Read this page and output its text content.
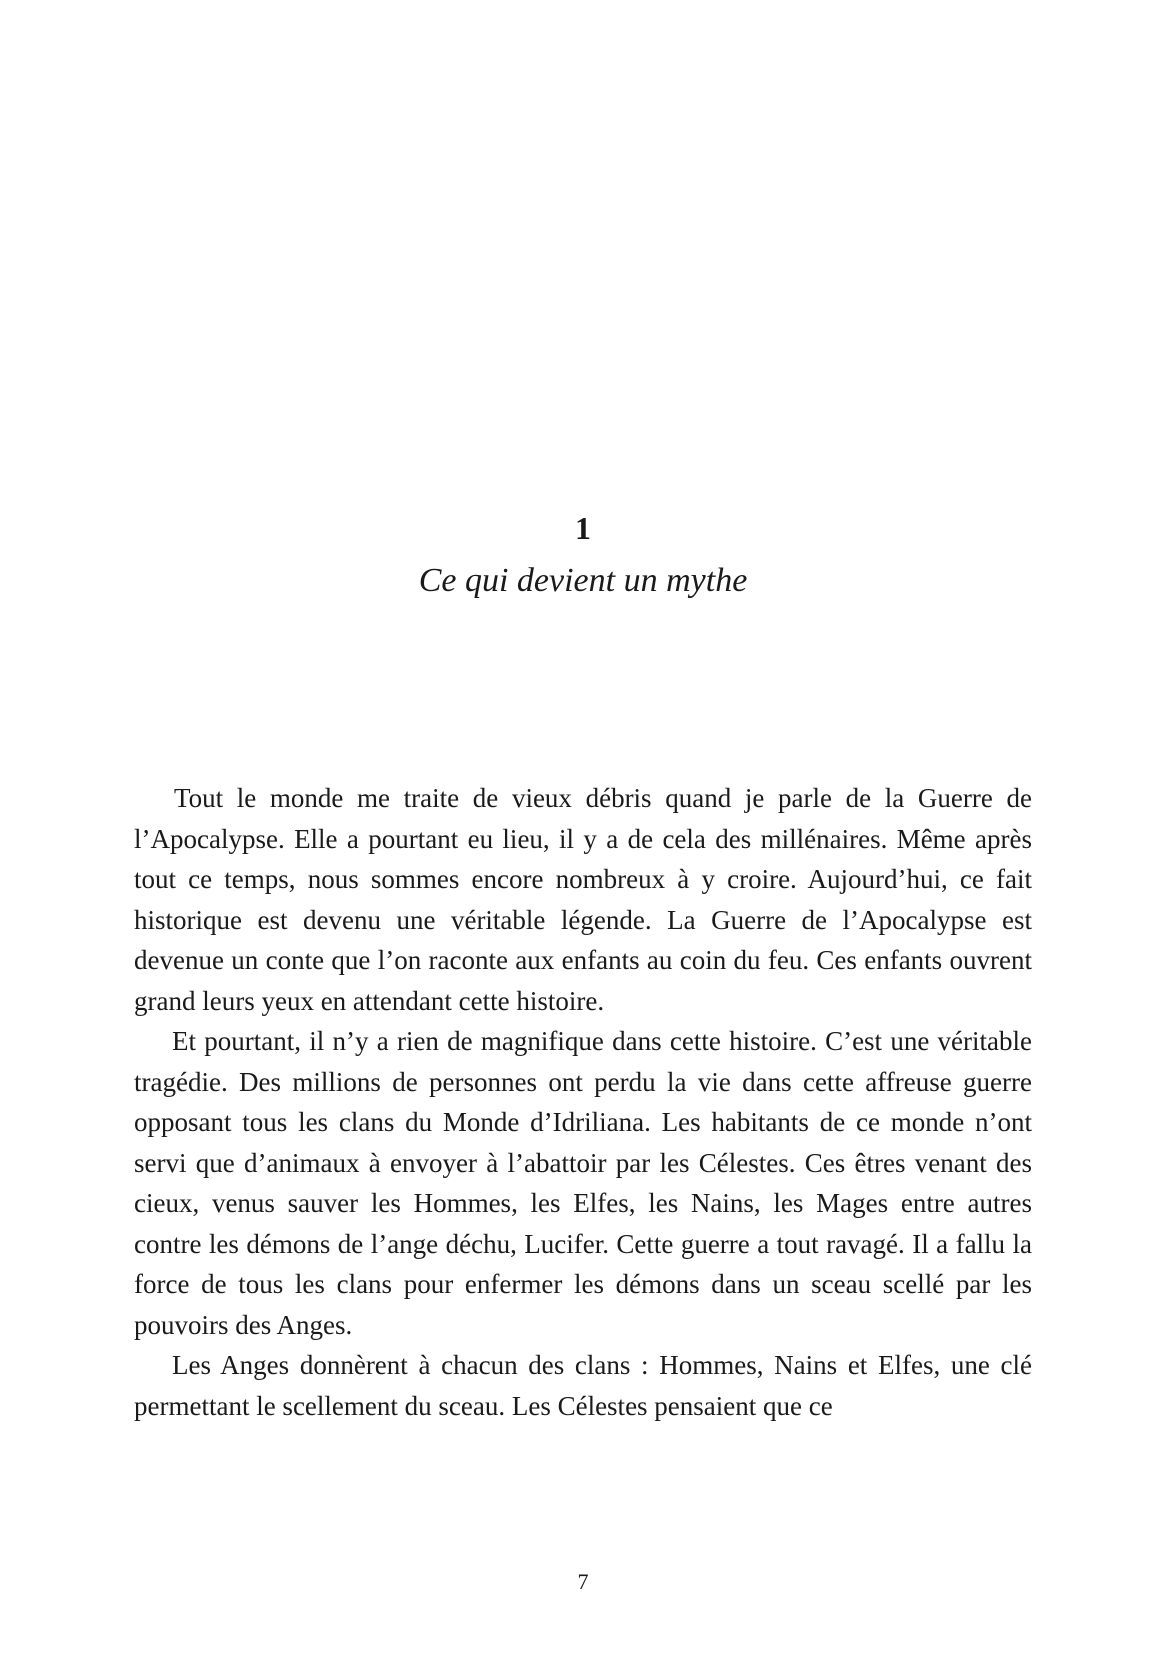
1
Ce qui devient un mythe

Tout le monde me traite de vieux débris quand je parle de la Guerre de l’Apocalypse. Elle a pourtant eu lieu, il y a de cela des millénaires. Même après tout ce temps, nous sommes encore nombreux à y croire. Aujourd’hui, ce fait historique est devenu une véritable légende. La Guerre de l’Apocalypse est devenue un conte que l’on raconte aux enfants au coin du feu. Ces enfants ouvrent grand leurs yeux en attendant cette histoire.

Et pourtant, il n’y a rien de magnifique dans cette histoire. C’est une véritable tragédie. Des millions de personnes ont perdu la vie dans cette affreuse guerre opposant tous les clans du Monde d’Idriliana. Les habitants de ce monde n’ont servi que d’animaux à envoyer à l’abattoir par les Célestes. Ces êtres venant des cieux, venus sauver les Hommes, les Elfes, les Nains, les Mages entre autres contre les démons de l’ange déchu, Lucifer. Cette guerre a tout ravagé. Il a fallu la force de tous les clans pour enfermer les démons dans un sceau scellé par les pouvoirs des Anges.

Les Anges donnèrent à chacun des clans : Hommes, Nains et Elfes, une clé permettant le scellement du sceau. Les Célestes pensaient que ce

7
